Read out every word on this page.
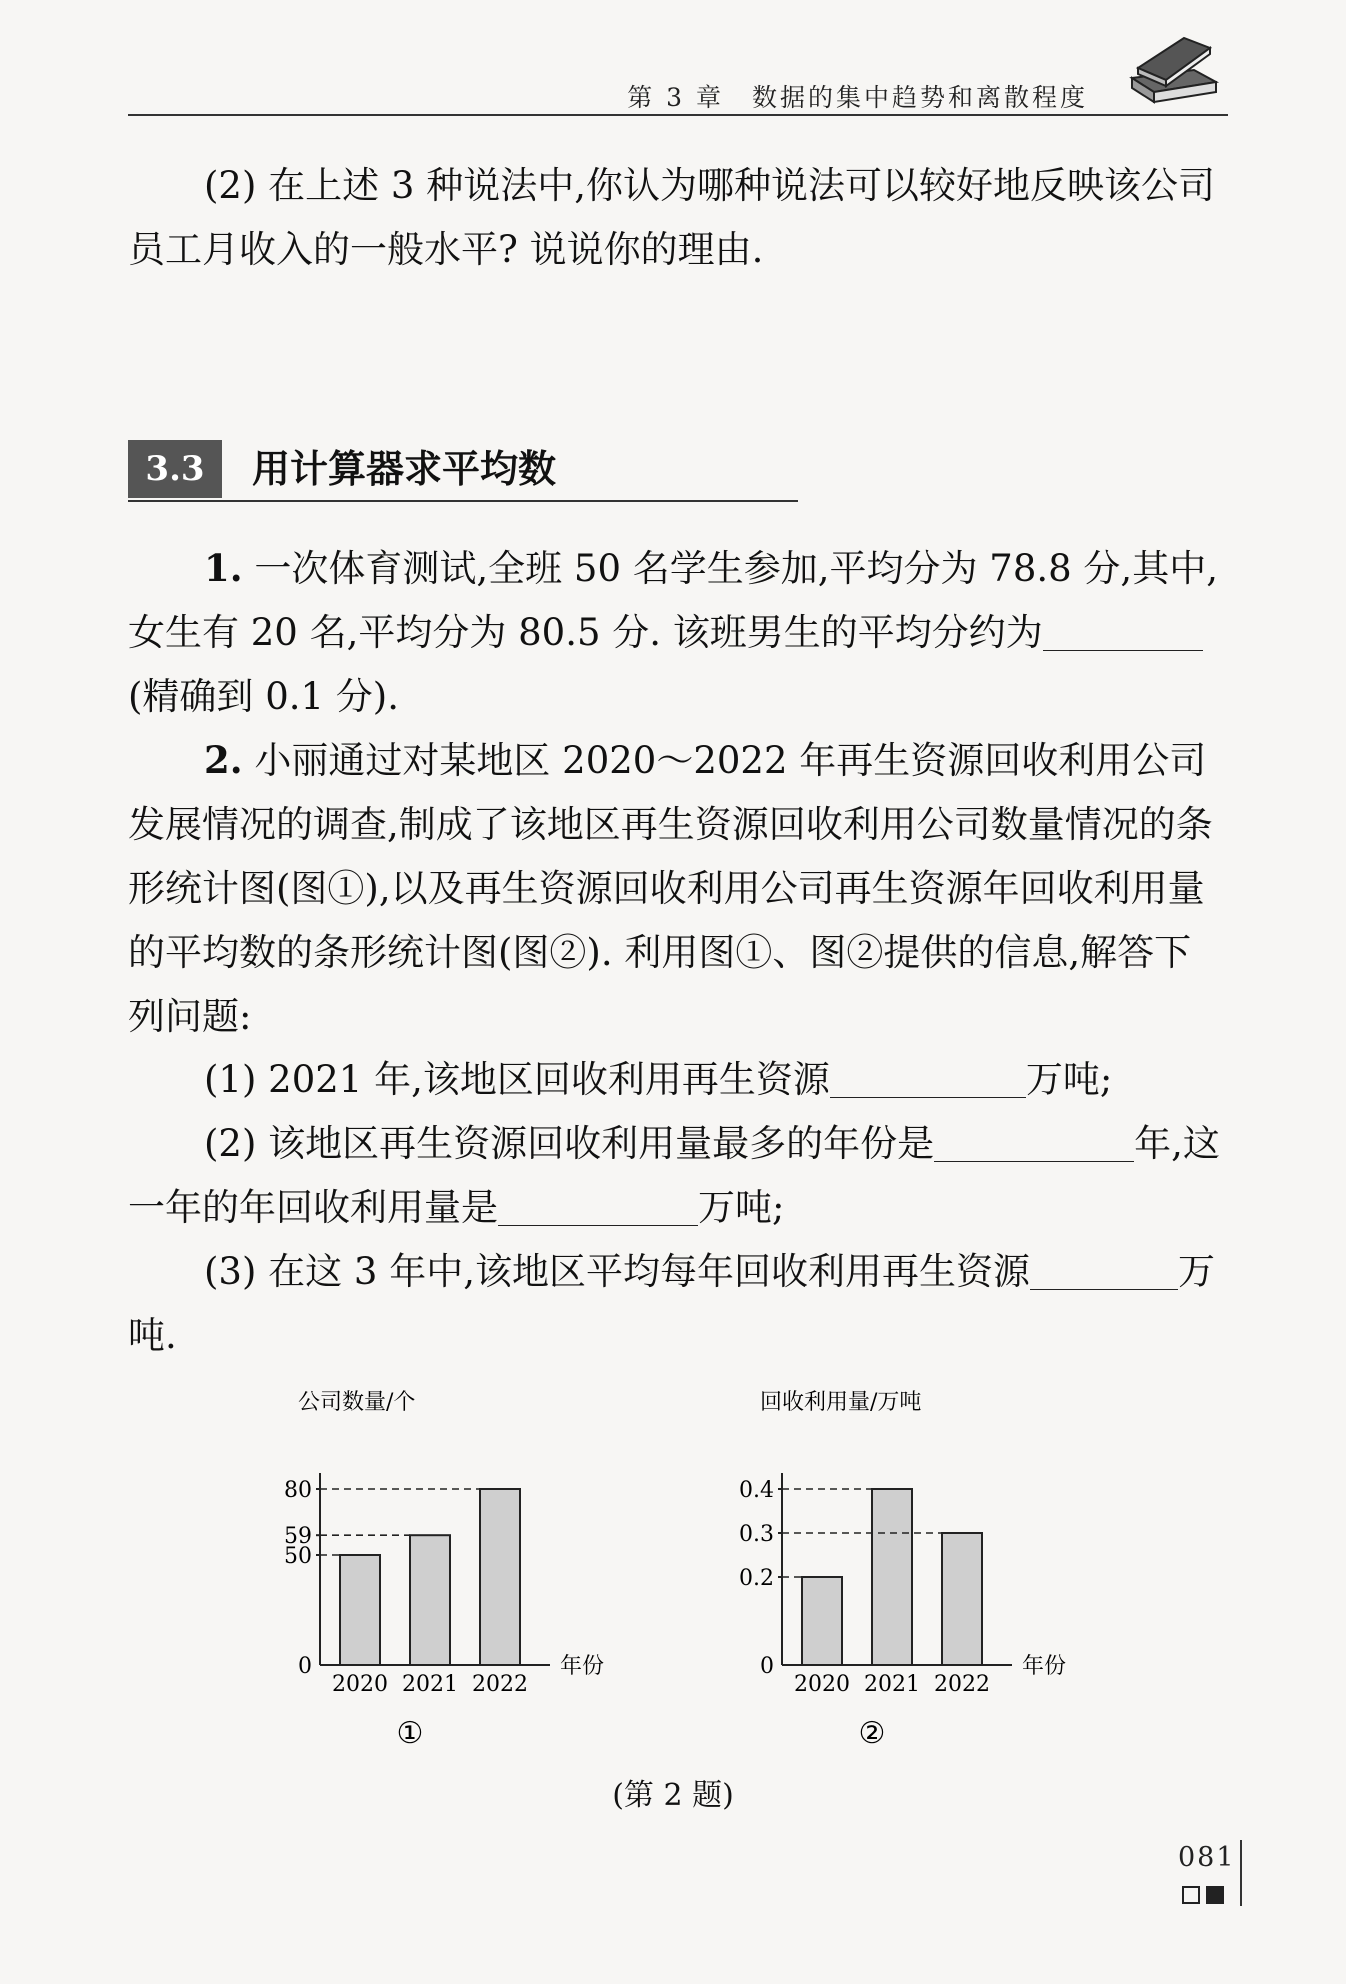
第 3 章　数据的集中趋势和离散程度

(2) 在上述 3 种说法中,你认为哪种说法可以较好地反映该公司员工月收入的一般水平? 说说你的理由.

3.3	用计算器求平均数

1. 一次体育测试,全班 50 名学生参加,平均分为 78.8 分,其中,女生有 20 名,平均分为 80.5 分. 该班男生的平均分约为(精确到 0.1 分).

2. 小丽通过对某地区 2020～2022 年再生资源回收利用公司发展情况的调查,制成了该地区再生资源回收利用公司数量情况的条形统计图(图①),以及再生资源回收利用公司再生资源年回收利用量的平均数的条形统计图(图②). 利用图①、图②提供的信息,解答下列问题:

(1) 2021 年,该地区回收利用再生资源	万吨;

(2) 该地区再生资源回收利用量最多的年份是	年,这一年的年回收利用量是	万吨;

(3) 在这 3 年中,该地区平均每年回收利用再生资源	万吨.

公司数量/个
年份
2020 2021 2022
0
50
59
80
①
回收利用量/万吨
年份
2020 2021 2022
0
0.2
0.3
0.4
②
(第 2 题)
081
